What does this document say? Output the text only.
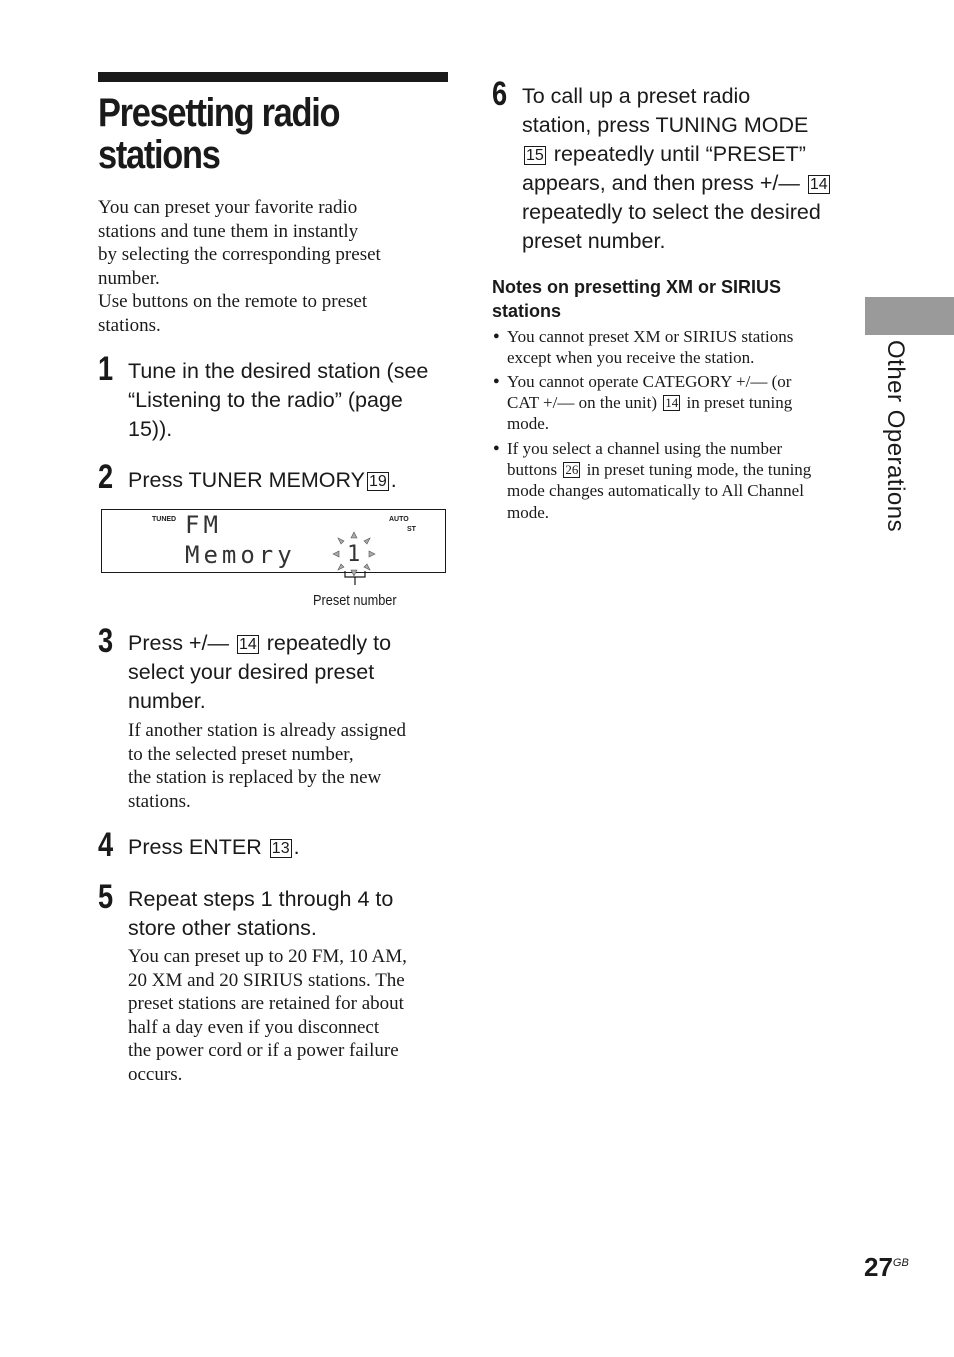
Presetting radio
stations
You can preset your favorite radio
stations and tune them in instantly
by selecting the corresponding preset
number.
Use buttons on the remote to preset
stations.
1 Tune in the desired station (see
“Listening to the radio” (page
15)).
2 Press TUNER MEMORY 19 .
TUNED	AUTO
ST
FM
Memory 1
Preset number
3 Press +/— 14 repeatedly to
select your desired preset
number.
If another station is already assigned
to the selected preset number,
the station is replaced by the new
stations.
4 Press ENTER 13 .
5 Repeat steps 1 through 4 to
store other stations.
You can preset up to 20 FM, 10 AM,
20 XM and 20 SIRIUS stations. The
preset stations are retained for about
half a day even if you disconnect
the power cord or if a power failure
occurs.
6 To call up a preset radio
station, press TUNING MODE
15 repeatedly until “PRESET”
appears, and then press +/— 14
repeatedly to select the desired
preset number.
Notes on presetting XM or SIRIUS
stations
● You cannot preset XM or SIRIUS stations
except when you receive the station.
● You cannot operate CATEGORY +/— (or
CAT +/— on the unit) 14 in preset tuning
mode.
● If you select a channel using the number
buttons 26 in preset tuning mode, the tuning
mode changes automatically to All Channel
mode.	Other Operations
$27^{GB}$
